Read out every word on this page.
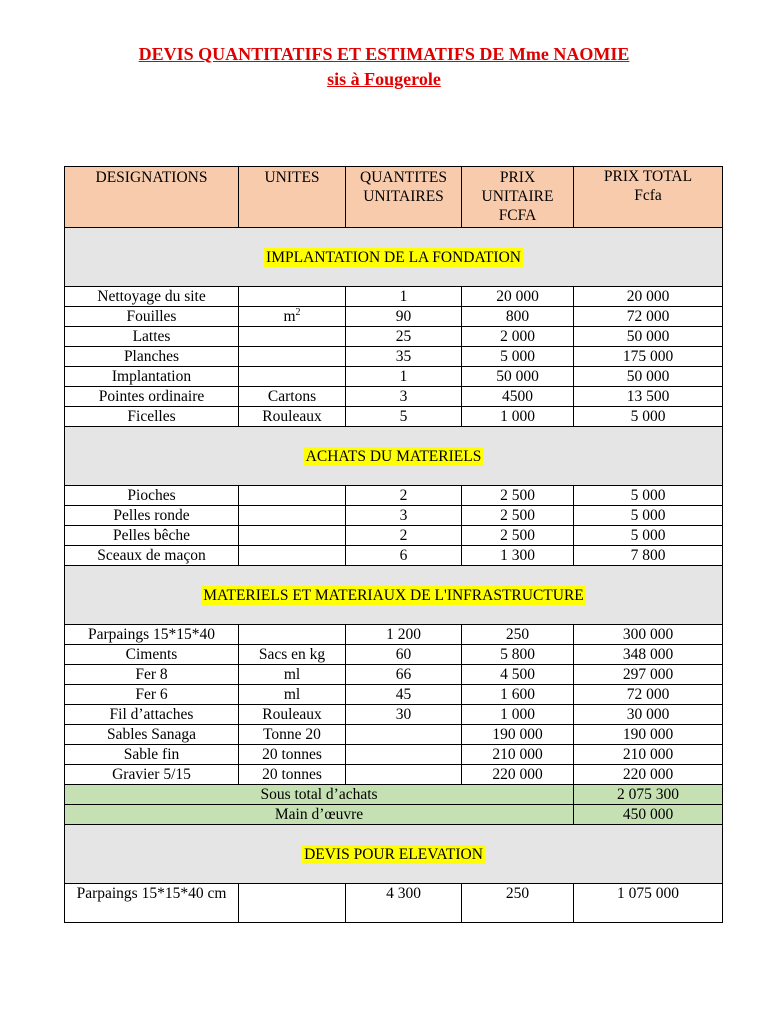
DEVIS QUANTITATIFS ET ESTIMATIFS DE Mme NAOMIE
sis à Fougerole
DESIGNATIONS	UNITES	QUANTITES UNITAIRES	PRIX UNITAIRE FCFA	PRIX TOTAL Fcfa
IMPLANTATION DE LA FONDATION				
Nettoyage du site		1	20 000	20 000
Fouilles	$m^2$	90	800	72 000
Lattes		25	2 000	50 000
Planches		35	5 000	175 000
Implantation		1	50 000	50 000
Pointes ordinaire	Cartons	3	4500	13 500
Ficelles	Rouleaux	5	1 000	5 000
ACHATS DU MATERIELS				
Pioches		2	2 500	5 000
Pelles ronde		3	2 500	5 000
Pelles bêche		2	2 500	5 000
Sceaux de maçon		6	1 300	7 800
MATERIELS ET MATERIAUX DE L'INFRASTRUCTURE				
Parpaings 15*15*40		1 200	250	300 000
Ciments	Sacs en kg	60	5 800	348 000
Fer 8	ml	66	4 500	297 000
Fer 6	ml	45	1 600	72 000
Fil d’attaches	Rouleaux	30	1 000	30 000
Sables Sanaga	Tonne 20		190 000	190 000
Sable fin	20 tonnes		210 000	210 000
Gravier 5/15	20 tonnes		220 000	220 000
Sous total d’achats				2 075 300
Main d’œuvre				450 000
DEVIS POUR ELEVATION				
Parpaings 15*15*40 cm		4 300	250	1 075 000
